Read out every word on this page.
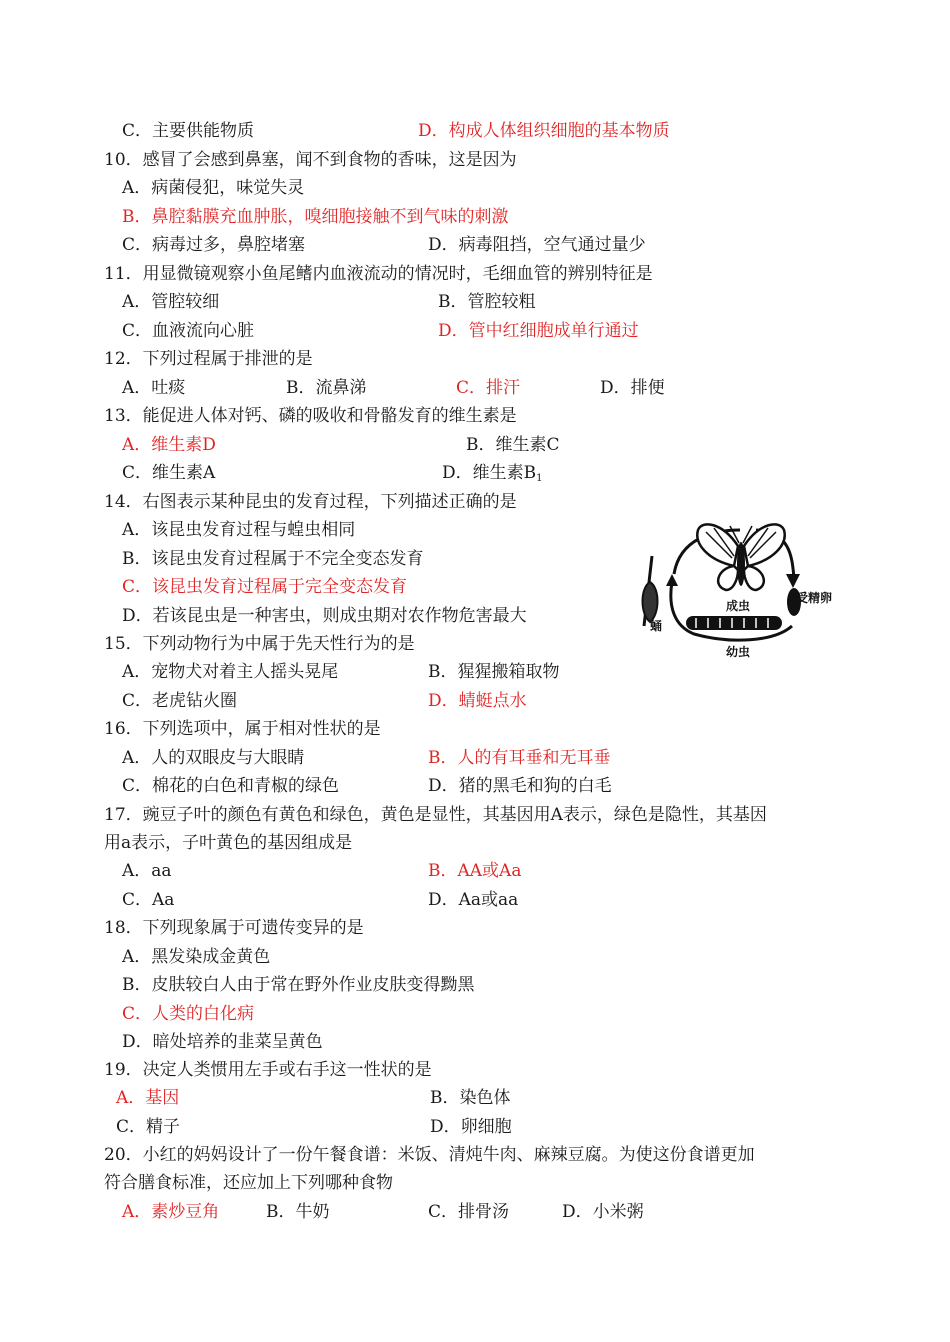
C．主要供能物质	D．构成人体组织细胞的基本物质
10．感冒了会感到鼻塞，闻不到食物的香味，这是因为
A．病菌侵犯，味觉失灵
B．鼻腔黏膜充血肿胀，嗅细胞接触不到气味的刺激
C．病毒过多，鼻腔堵塞	D．病毒阻挡，空气通过量少
11．用显微镜观察小鱼尾鳍内血液流动的情况时，毛细血管的辨别特征是
A．管腔较细	B．管腔较粗
C．血液流向心脏	D．管中红细胞成单行通过
12．下列过程属于排泄的是
A．吐痰	B．流鼻涕	C．排汗	D．排便
13．能促进人体对钙、磷的吸收和骨骼发育的维生素是
A．维生素D	B．维生素C
C．维生素A	D．维生素$B_1$
14．右图表示某种昆虫的发育过程，下列描述正确的是
A．该昆虫发育过程与蝗虫相同
B．该昆虫发育过程属于不完全变态发育
C．该昆虫发育过程属于完全变态发育
D．若该昆虫是一种害虫，则成虫期对农作物危害最大	成虫
受精卵
蛹
幼虫
15．下列动物行为中属于先天性行为的是
A．宠物犬对着主人摇头晃尾	B．猩猩搬箱取物
C．老虎钻火圈	D．蜻蜓点水
16．下列选项中，属于相对性状的是
A．人的双眼皮与大眼睛	B．人的有耳垂和无耳垂
C．棉花的白色和青椒的绿色	D．猪的黑毛和狗的白毛
17．豌豆子叶的颜色有黄色和绿色，黄色是显性，其基因用A表示，绿色是隐性，其基因
用a表示，子叶黄色的基因组成是
A．aa	B．AA或Aa
C．Aa	D．Aa或aa
18．下列现象属于可遗传变异的是
A．黑发染成金黄色
B．皮肤较白人由于常在野外作业皮肤变得黝黑
C．人类的白化病
D．暗处培养的韭菜呈黄色
19．决定人类惯用左手或右手这一性状的是
A．基因	B．染色体
C．精子	D．卵细胞
20．小红的妈妈设计了一份午餐食谱：米饭、清炖牛肉、麻辣豆腐。为使这份食谱更加
符合膳食标准，还应加上下列哪种食物
A．素炒豆角	B．牛奶	C．排骨汤	D．小米粥
